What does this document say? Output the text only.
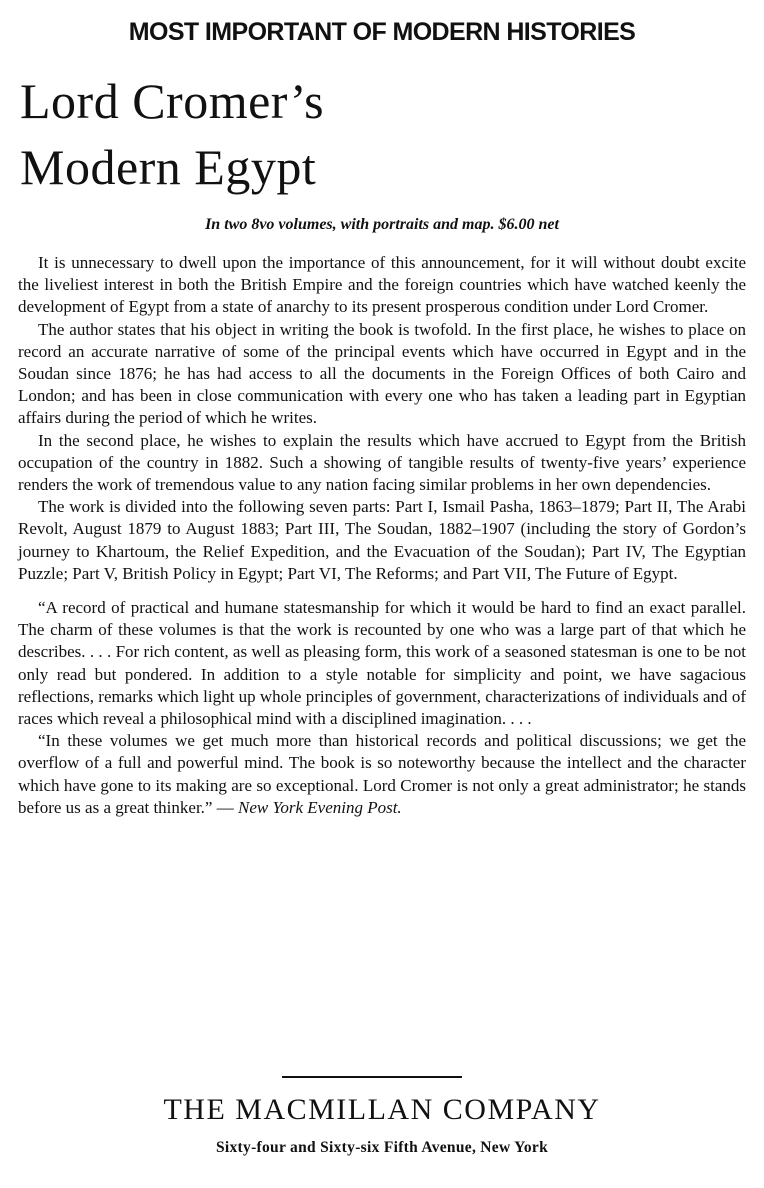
MOST IMPORTANT OF MODERN HISTORIES
Lord Cromer’s
Modern Egypt
In two 8vo volumes, with portraits and map. $6.00 net

It is unnecessary to dwell upon the importance of this announcement, for it will without doubt excite the liveliest interest in both the British Empire and the foreign countries which have watched keenly the development of Egypt from a state of anarchy to its present prosperous condition under Lord Cromer.

The author states that his object in writing the book is twofold. In the first place, he wishes to place on record an accurate narrative of some of the principal events which have occurred in Egypt and in the Soudan since 1876; he has had access to all the documents in the Foreign Offices of both Cairo and London; and has been in close communication with every one who has taken a leading part in Egyptian affairs during the period of which he writes.

In the second place, he wishes to explain the results which have accrued to Egypt from the British occupation of the country in 1882. Such a showing of tangible results of twenty-five years’ experience renders the work of tremendous value to any nation facing similar problems in her own dependencies.

The work is divided into the following seven parts: Part I, Ismail Pasha, 1863–1879; Part II, The Arabi Revolt, August 1879 to August 1883; Part III, The Soudan, 1882–1907 (including the story of Gordon’s journey to Khartoum, the Relief Expedition, and the Evacuation of the Soudan); Part IV, The Egyptian Puzzle; Part V, British Policy in Egypt; Part VI, The Reforms; and Part VII, The Future of Egypt.

“A record of practical and humane statesmanship for which it would be hard to find an exact parallel. The charm of these volumes is that the work is recounted by one who was a large part of that which he describes. . . . For rich content, as well as pleasing form, this work of a seasoned statesman is one to be not only read but pondered. In addition to a style notable for simplicity and point, we have sagacious reflections, remarks which light up whole principles of government, characterizations of individuals and of races which reveal a philosophical mind with a disciplined imagination. . . .

“In these volumes we get much more than historical records and political discussions; we get the overflow of a full and powerful mind. The book is so noteworthy because the intellect and the character which have gone to its making are so exceptional. Lord Cromer is not only a great administrator; he stands before us as a great thinker.” — New York Evening Post.

THE MACMILLAN COMPANY
Sixty-four and Sixty-six Fifth Avenue, New York
